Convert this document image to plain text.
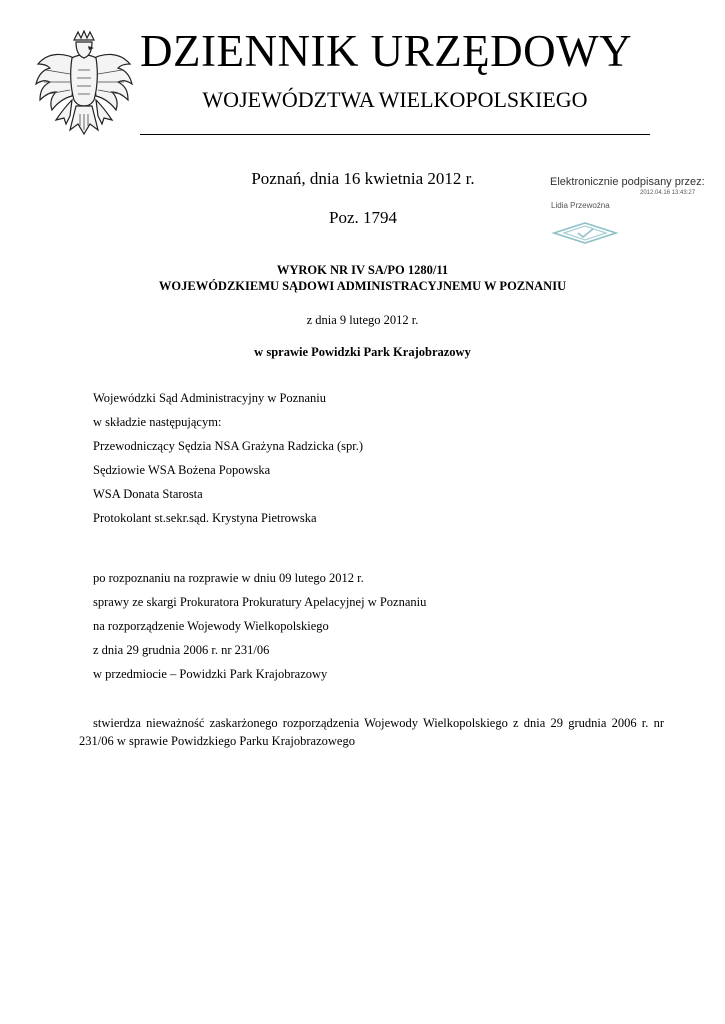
DZIENNIK URZĘDOWY
WOJEWÓDZTWA WIELKOPOLSKIEGO
Poznań, dnia 16 kwietnia 2012 r.
Poz. 1794
Elektronicznie podpisany przez:
2012.04.16 13:43:27
Lidia Przewoźna
WYROK NR IV SA/PO 1280/11
WOJEWÓDZKIEMU SĄDOWI ADMINISTRACYJNEMU W POZNANIU
z dnia 9 lutego 2012 r.
w sprawie Powidzki Park Krajobrazowy
Wojewódzki Sąd Administracyjny w Poznaniu
w składzie następującym:
Przewodniczący Sędzia NSA Grażyna Radzicka (spr.)
Sędziowie WSA Bożena Popowska
WSA Donata Starosta
Protokolant st.sekr.sąd. Krystyna Pietrowska
po rozpoznaniu na rozprawie w dniu 09 lutego 2012 r.
sprawy ze skargi Prokuratora Prokuratury Apelacyjnej w Poznaniu
na rozporządzenie Wojewody Wielkopolskiego
z dnia 29 grudnia 2006 r. nr 231/06
w przedmiocie – Powidzki Park Krajobrazowy
stwierdza nieważność zaskarżonego rozporządzenia Wojewody Wielkopolskiego z dnia 29 grudnia 2006 r. nr 231/06 w sprawie Powidzkiego Parku Krajobrazowego
